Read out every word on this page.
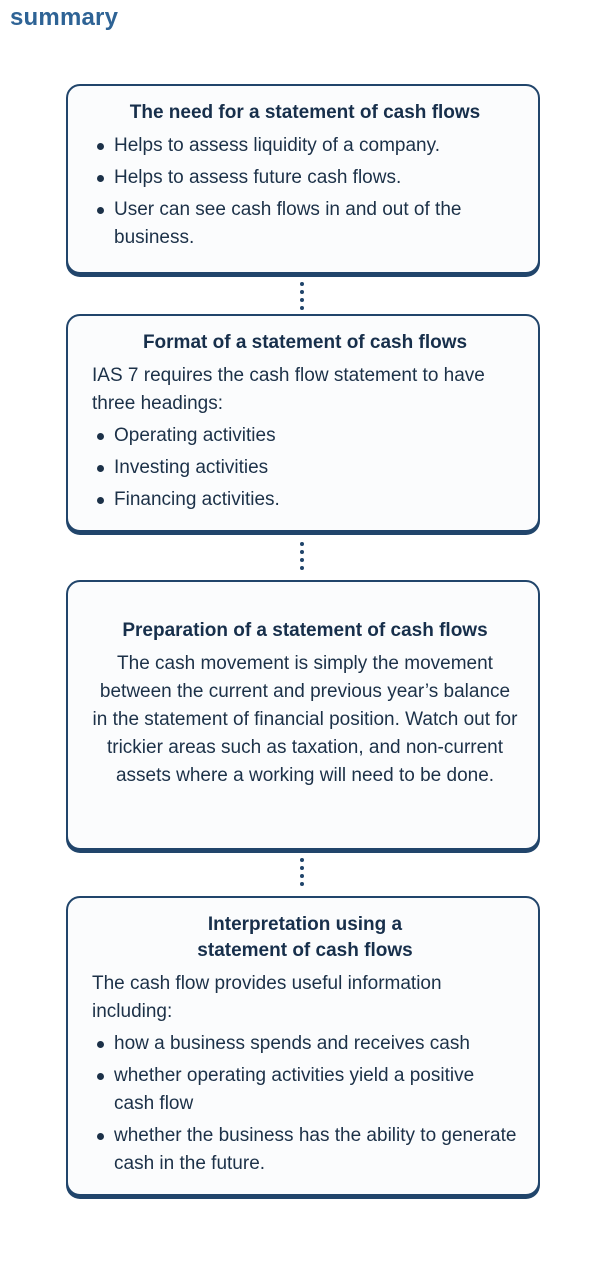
summary
The need for a statement of cash flows
Helps to assess liquidity of a company.
Helps to assess future cash flows.
User can see cash flows in and out of the business.
Format of a statement of cash flows

IAS 7 requires the cash flow statement to have three headings:

Operating activities
Investing activities
Financing activities.
Preparation of a statement of cash flows

The cash movement is simply the movement between the current and previous year’s balance in the statement of financial position. Watch out for trickier areas such as taxation, and non-current assets where a working will need to be done.

Interpretation using a statement of cash flows

The cash flow provides useful information including:

how a business spends and receives cash
whether operating activities yield a positive cash flow
whether the business has the ability to generate cash in the future.
